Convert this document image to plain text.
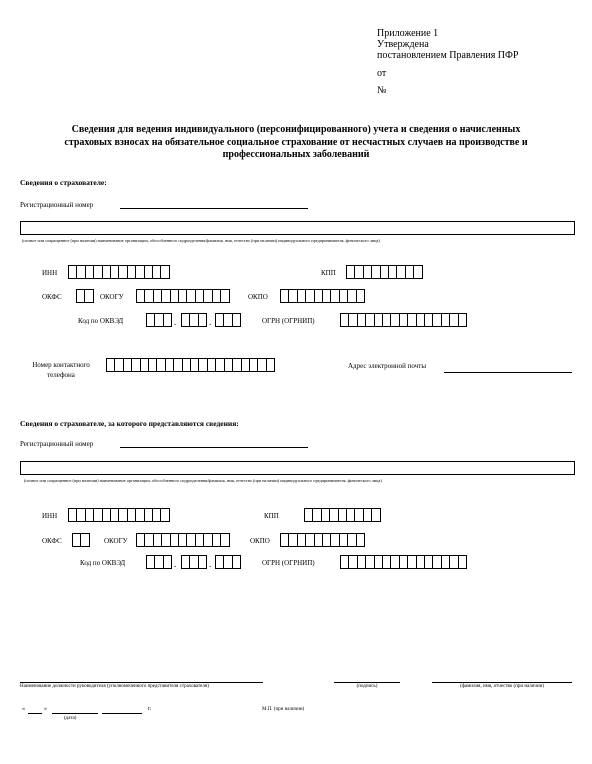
Приложение 1
Утверждена
постановлением Правления ПФР
от
№
Сведения для ведения индивидуального (персонифицированного) учета и сведения о начисленных
страховых взносах на обязательное социальное страхование от несчастных случаев на производстве и
профессиональных заболеваний
Сведения о страхователе:
Регистрационный номер
(полное или сокращенное (при наличии) наименование организации, обособленного подразделения/фамилия, имя, отчество (при наличии) индивидуального предпринимателя, физического лица)
ИНН	КПП
ОКФС	ОКОГУ	ОКПО
Код по ОКВЭД	.	.	ОГРН (ОГРНИП)
Номер контактного телефона
Адрес электронной почты
Сведения о страхователе, за которого представляются сведения:
Регистрационный номер
(полное или сокращенное (при наличии) наименование организации, обособленного подразделения/фамилия, имя, отчество (при наличии) индивидуального предпринимателя, физического лица)
ИНН	КПП
ОКФС	ОКОГУ	ОКПО
Код по ОКВЭД	.	.	ОГРН (ОГРНИП)
Наименование должности руководителя (уполномоченного представителя страхователя)	(подпись)	(фамилия, имя, отчество (при наличии)
«	»	г.
(дата)
М.П. (при наличии)
